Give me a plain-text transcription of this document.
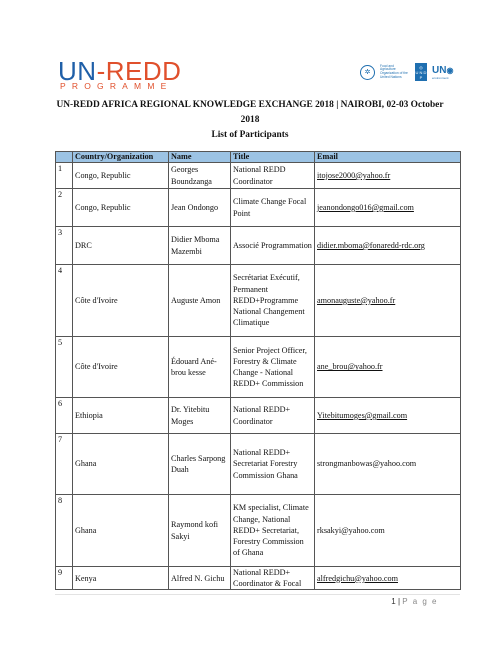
UN-REDD
PROGRAMME
✲
Food and Agriculture
Organization of the
United Nations
◎
U N D P
UN◉
environment
UN-REDD AFRICA REGIONAL KNOWLEDGE EXCHANGE 2018 | NAIROBI, 02-03 October
2018
List of Participants
	Country/Organization	Name	Title	Email
1	Congo, Republic	Georges Boundzanga	National REDD Coordinator	itojose2000@yahoo.fr
2	Congo, Republic	Jean Ondongo	Climate Change Focal Point	jeanondongo016@gmail.com
3	DRC	Didier Mboma Mazembi	Associé Programmation	didier.mboma@fonaredd-rdc.org
4	Côte d'Ivoire	Auguste Amon	Secrétariat Exécutif, Permanent REDD+Programme National Changement Climatique	amonauguste@yahoo.fr
5	Côte d'Ivoire	Édouard Ané-brou kesse	Senior Project Officer, Forestry & Climate Change - National REDD+ Commission	ane_brou@yahoo.fr
6	Ethiopia	Dr. Yitebitu Moges	National REDD+ Coordinator	Yitebitumoges@gmail.com
7	Ghana	Charles Sarpong Duah	National REDD+ Secretariat Forestry Commission Ghana	strongmanbowas@yahoo.com
8	Ghana	Raymond kofi Sakyi	KM specialist, Climate Change, National REDD+ Secretariat, Forestry Commission of Ghana	rksakyi@yahoo.com
9	Kenya	Alfred N. Gichu	National REDD+ Coordinator & Focal	alfredgichu@yahoo.com
1 | P a g e
